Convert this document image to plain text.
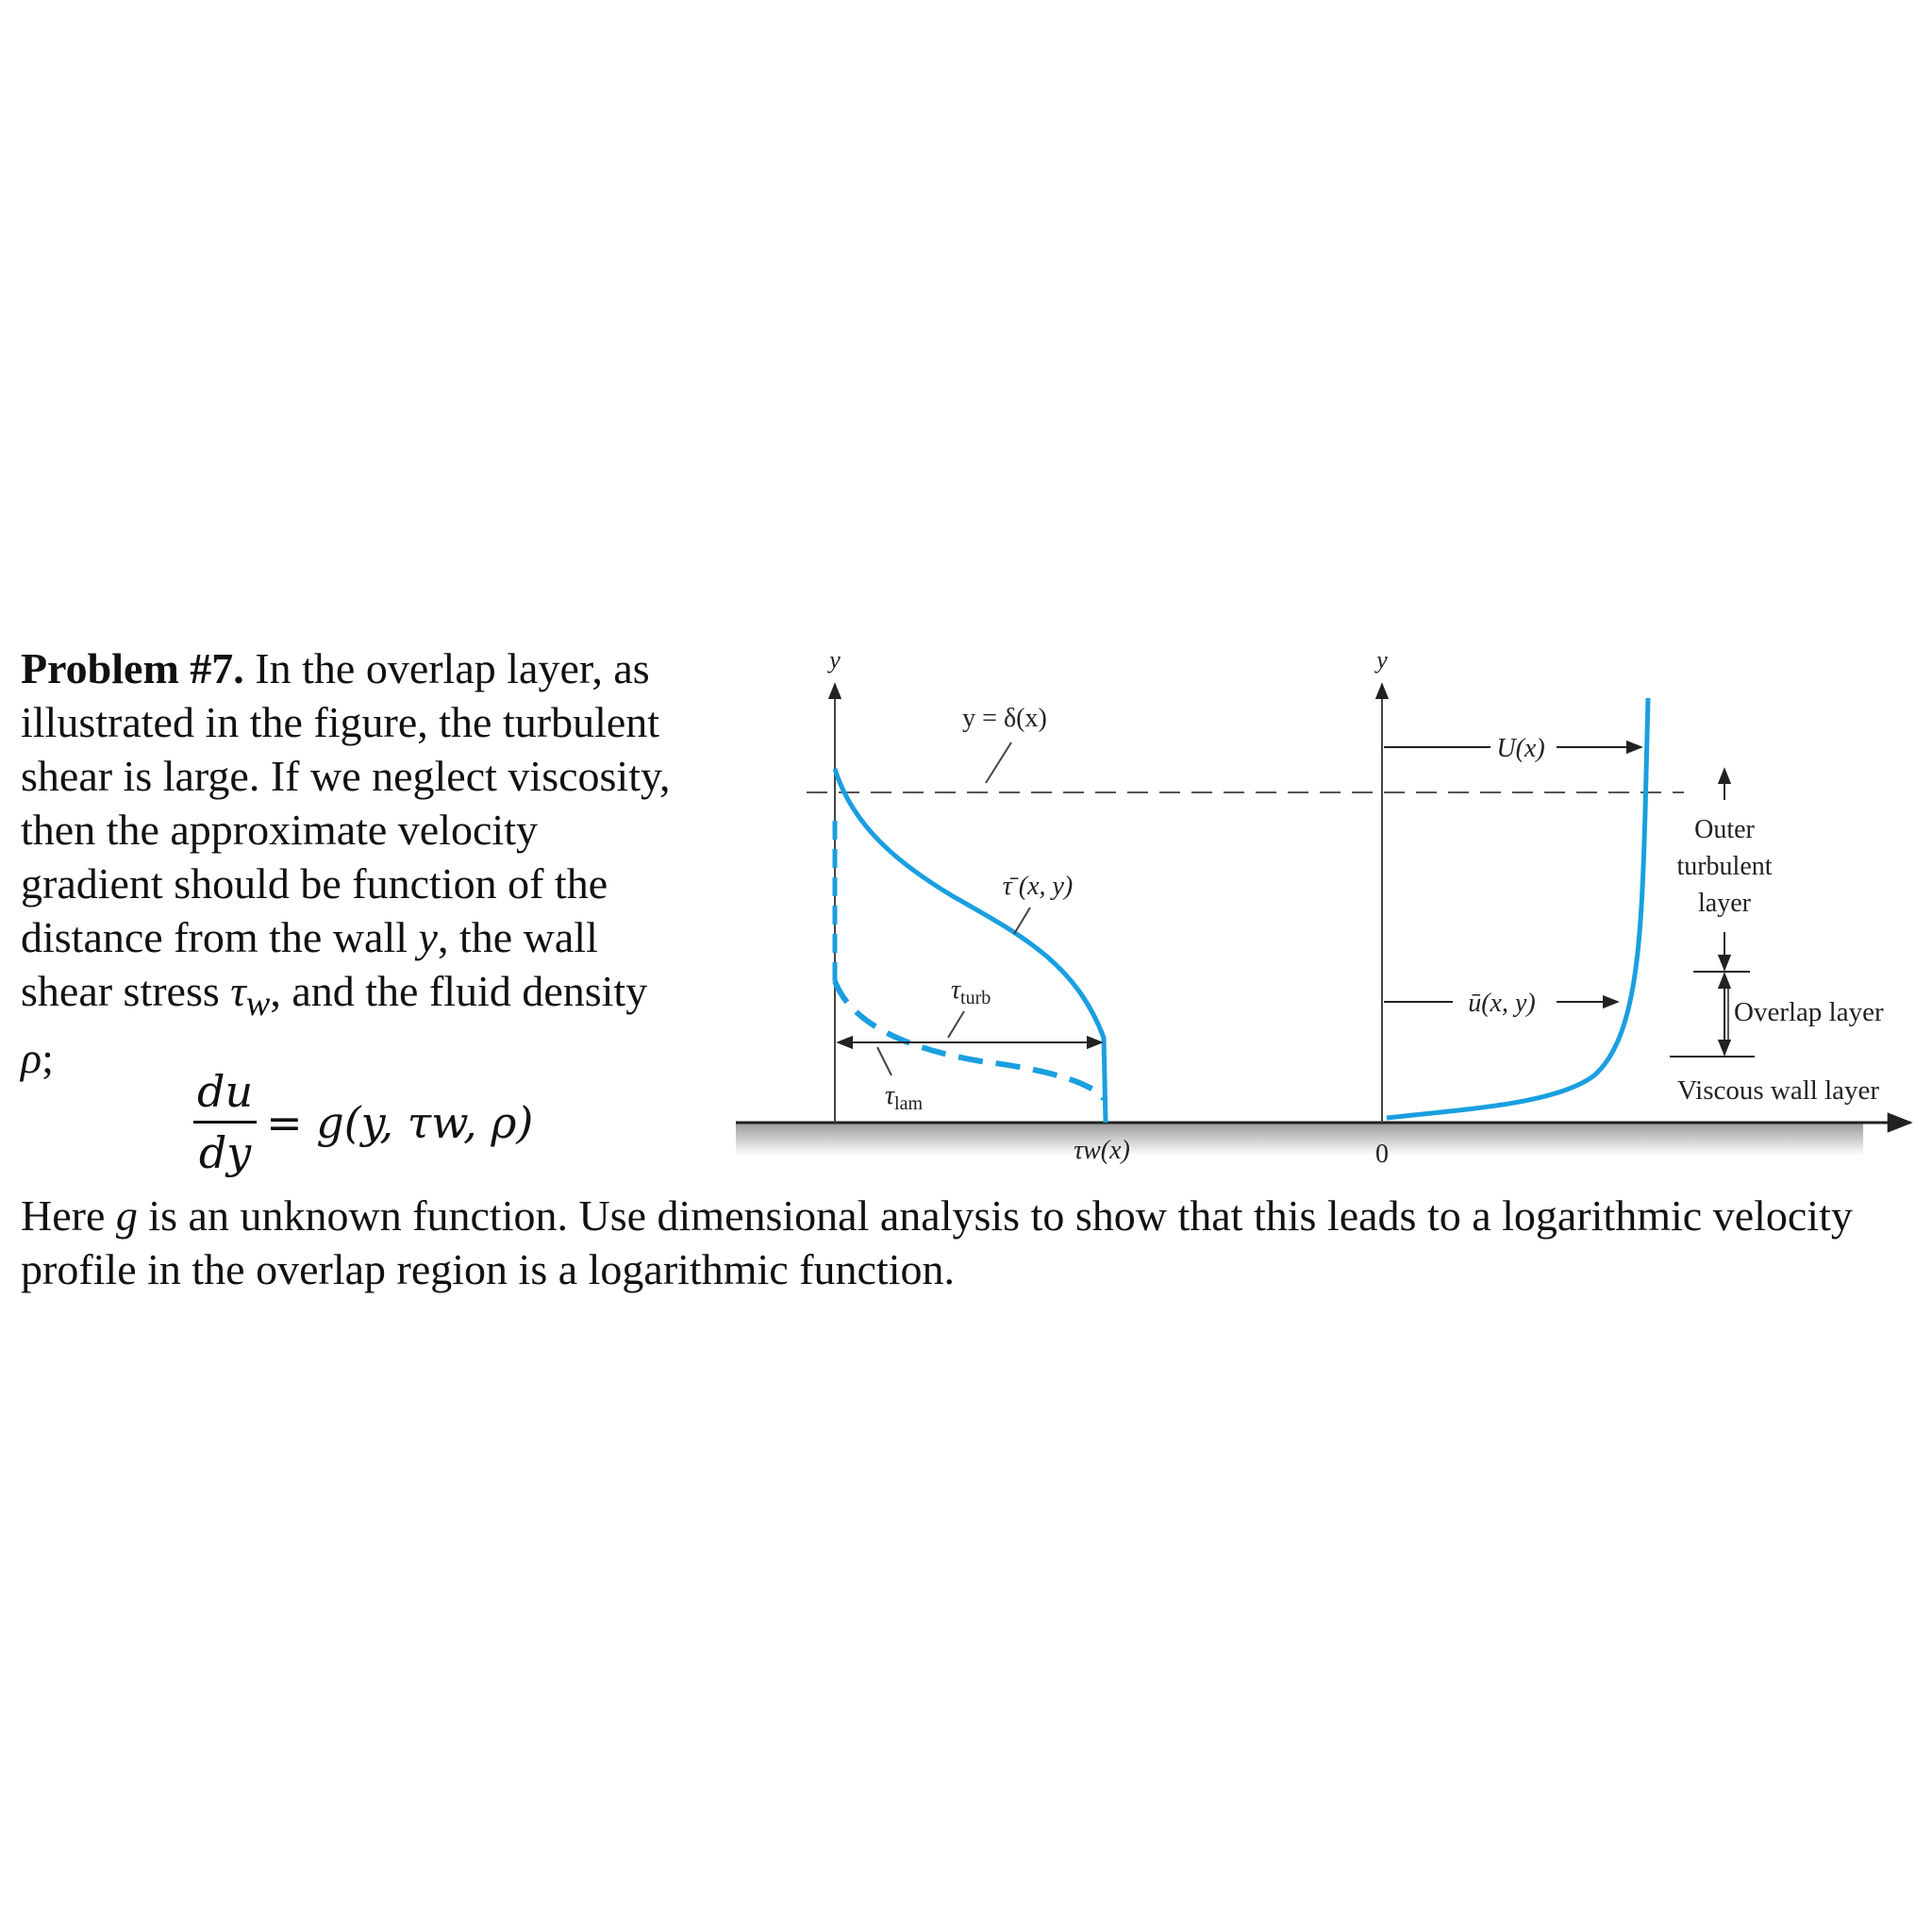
Problem #7. In the overlap layer, as illustrated in the figure, the turbulent shear is large. If we neglect viscosity, then the approximate velocity gradient should be function of the distance from the wall y, the wall shear stress $\tau_w$, and the fluid density ρ;
$\frac{du}{dy} = g(y$, τw, ρ)
Here g is an unknown function. Use dimensional analysis to show that this leads to a logarithmic velocity profile in the overlap region is a logarithmic function.
y	y
y = δ(x)
τ̄ (x, y)
$\tau_{turb}$
$\tau_{lam}$
τw(x)	0
U(x)
ū(x, y)
Outer
turbulent
layer
Overlap layer
Viscous wall layer
